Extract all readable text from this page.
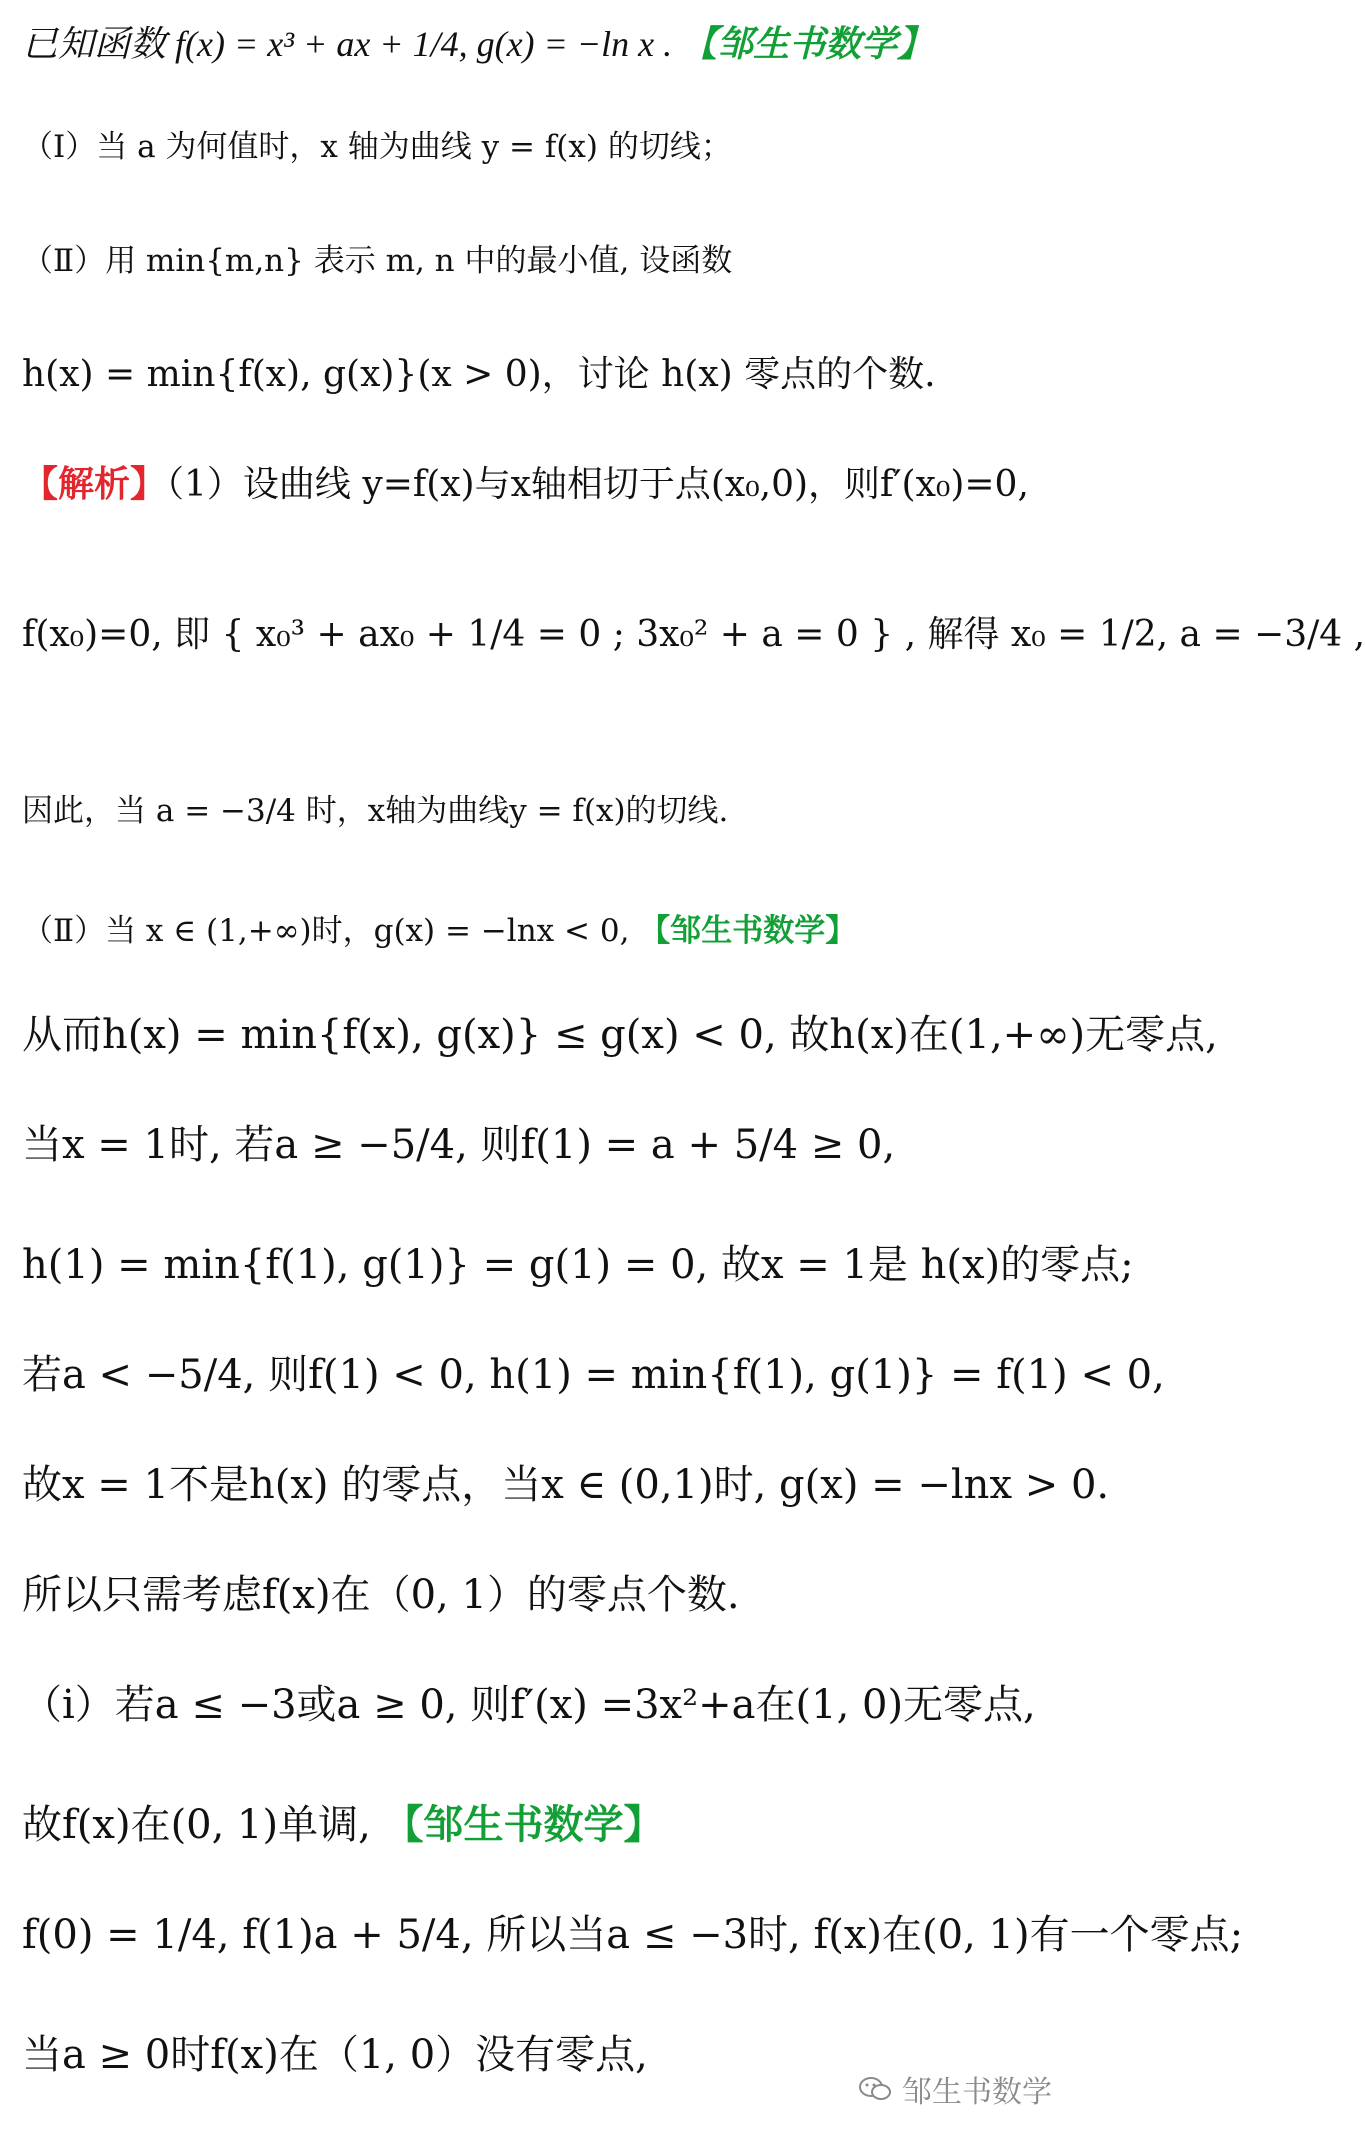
已知函数 f(x) = x³ + ax + 1/4, g(x) = −ln x . 【邹生书数学】
（Ⅰ）当 a 为何值时，x 轴为曲线 y = f(x) 的切线；
（Ⅱ）用 min{m,n} 表示 m, n 中的最小值, 设函数
h(x) = min{f(x), g(x)}(x > 0)，讨论 h(x) 零点的个数.
【解析】（1）设曲线 y=f(x)与x轴相切于点(x₀,0)，则f′(x₀)=0,
f(x₀)=0, 即 { x₀³ + ax₀ + 1/4 = 0 ; 3x₀² + a = 0 } , 解得 x₀ = 1/2, a = −3/4 ,
因此，当 a = −3/4 时，x轴为曲线y = f(x)的切线.
（Ⅱ）当 x ∈ (1,+∞)时，g(x) = −lnx < 0, 【邹生书数学】
从而h(x) = min{f(x), g(x)} ≤ g(x) < 0, 故h(x)在(1,+∞)无零点,
当x = 1时, 若a ≥ −5/4, 则f(1) = a + 5/4 ≥ 0,
h(1) = min{f(1), g(1)} = g(1) = 0, 故x = 1是 h(x)的零点;
若a < −5/4, 则f(1) < 0, h(1) = min{f(1), g(1)} = f(1) < 0,
故x = 1不是h(x) 的零点，当x ∈ (0,1)时, g(x) = −lnx > 0.
所以只需考虑f(x)在（0, 1）的零点个数.
（i）若a ≤ −3或a ≥ 0, 则f′(x) =3x²+a在(1, 0)无零点,
故f(x)在(0, 1)单调, 【邹生书数学】
f(0) = 1/4, f(1)a + 5/4, 所以当a ≤ −3时, f(x)在(0, 1)有一个零点;
当a ≥ 0时f(x)在（1, 0）没有零点,
邹生书数学
